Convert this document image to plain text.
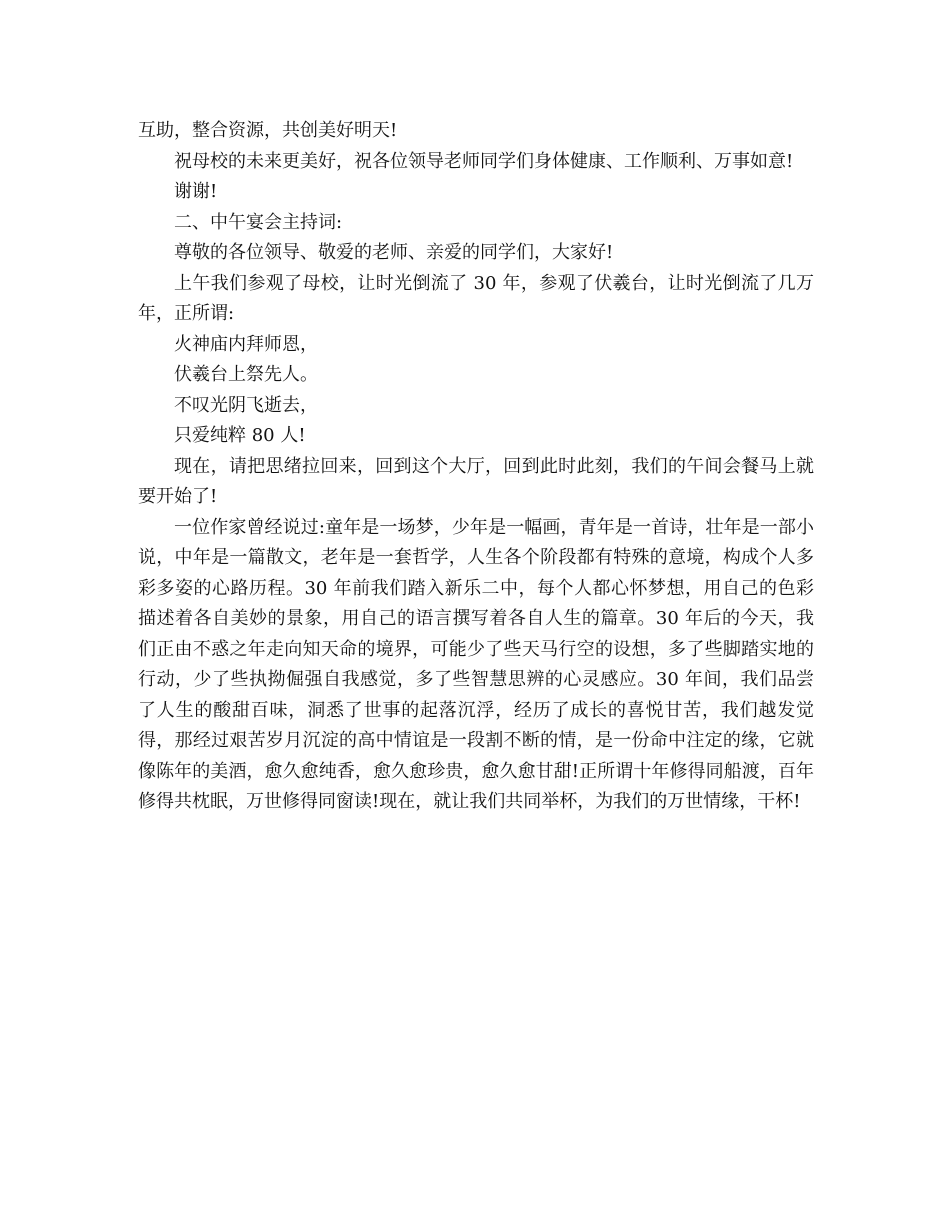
互助，整合资源，共创美好明天!

祝母校的未来更美好，祝各位领导老师同学们身体健康、工作顺利、万事如意!

谢谢!

二、中午宴会主持词:

尊敬的各位领导、敬爱的老师、亲爱的同学们，大家好!

上午我们参观了母校，让时光倒流了 30 年，参观了伏羲台，让时光倒流了几万年，正所谓:

火神庙内拜师恩，

伏羲台上祭先人。

不叹光阴飞逝去，

只爱纯粹 80 人!

现在，请把思绪拉回来，回到这个大厅，回到此时此刻，我们的午间会餐马上就要开始了!

一位作家曾经说过:童年是一场梦，少年是一幅画，青年是一首诗，壮年是一部小说，中年是一篇散文，老年是一套哲学，人生各个阶段都有特殊的意境，构成个人多彩多姿的心路历程。30 年前我们踏入新乐二中，每个人都心怀梦想，用自己的色彩描述着各自美妙的景象，用自己的语言撰写着各自人生的篇章。30 年后的今天，我们正由不惑之年走向知天命的境界，可能少了些天马行空的设想，多了些脚踏实地的行动，少了些执拗倔强自我感觉，多了些智慧思辨的心灵感应。30 年间，我们品尝了人生的酸甜百味，洞悉了世事的起落沉浮，经历了成长的喜悦甘苦，我们越发觉得，那经过艰苦岁月沉淀的高中情谊是一段割不断的情，是一份命中注定的缘，它就像陈年的美酒，愈久愈纯香，愈久愈珍贵，愈久愈甘甜!正所谓十年修得同船渡，百年修得共枕眠，万世修得同窗读!现在，就让我们共同举杯，为我们的万世情缘，干杯!
